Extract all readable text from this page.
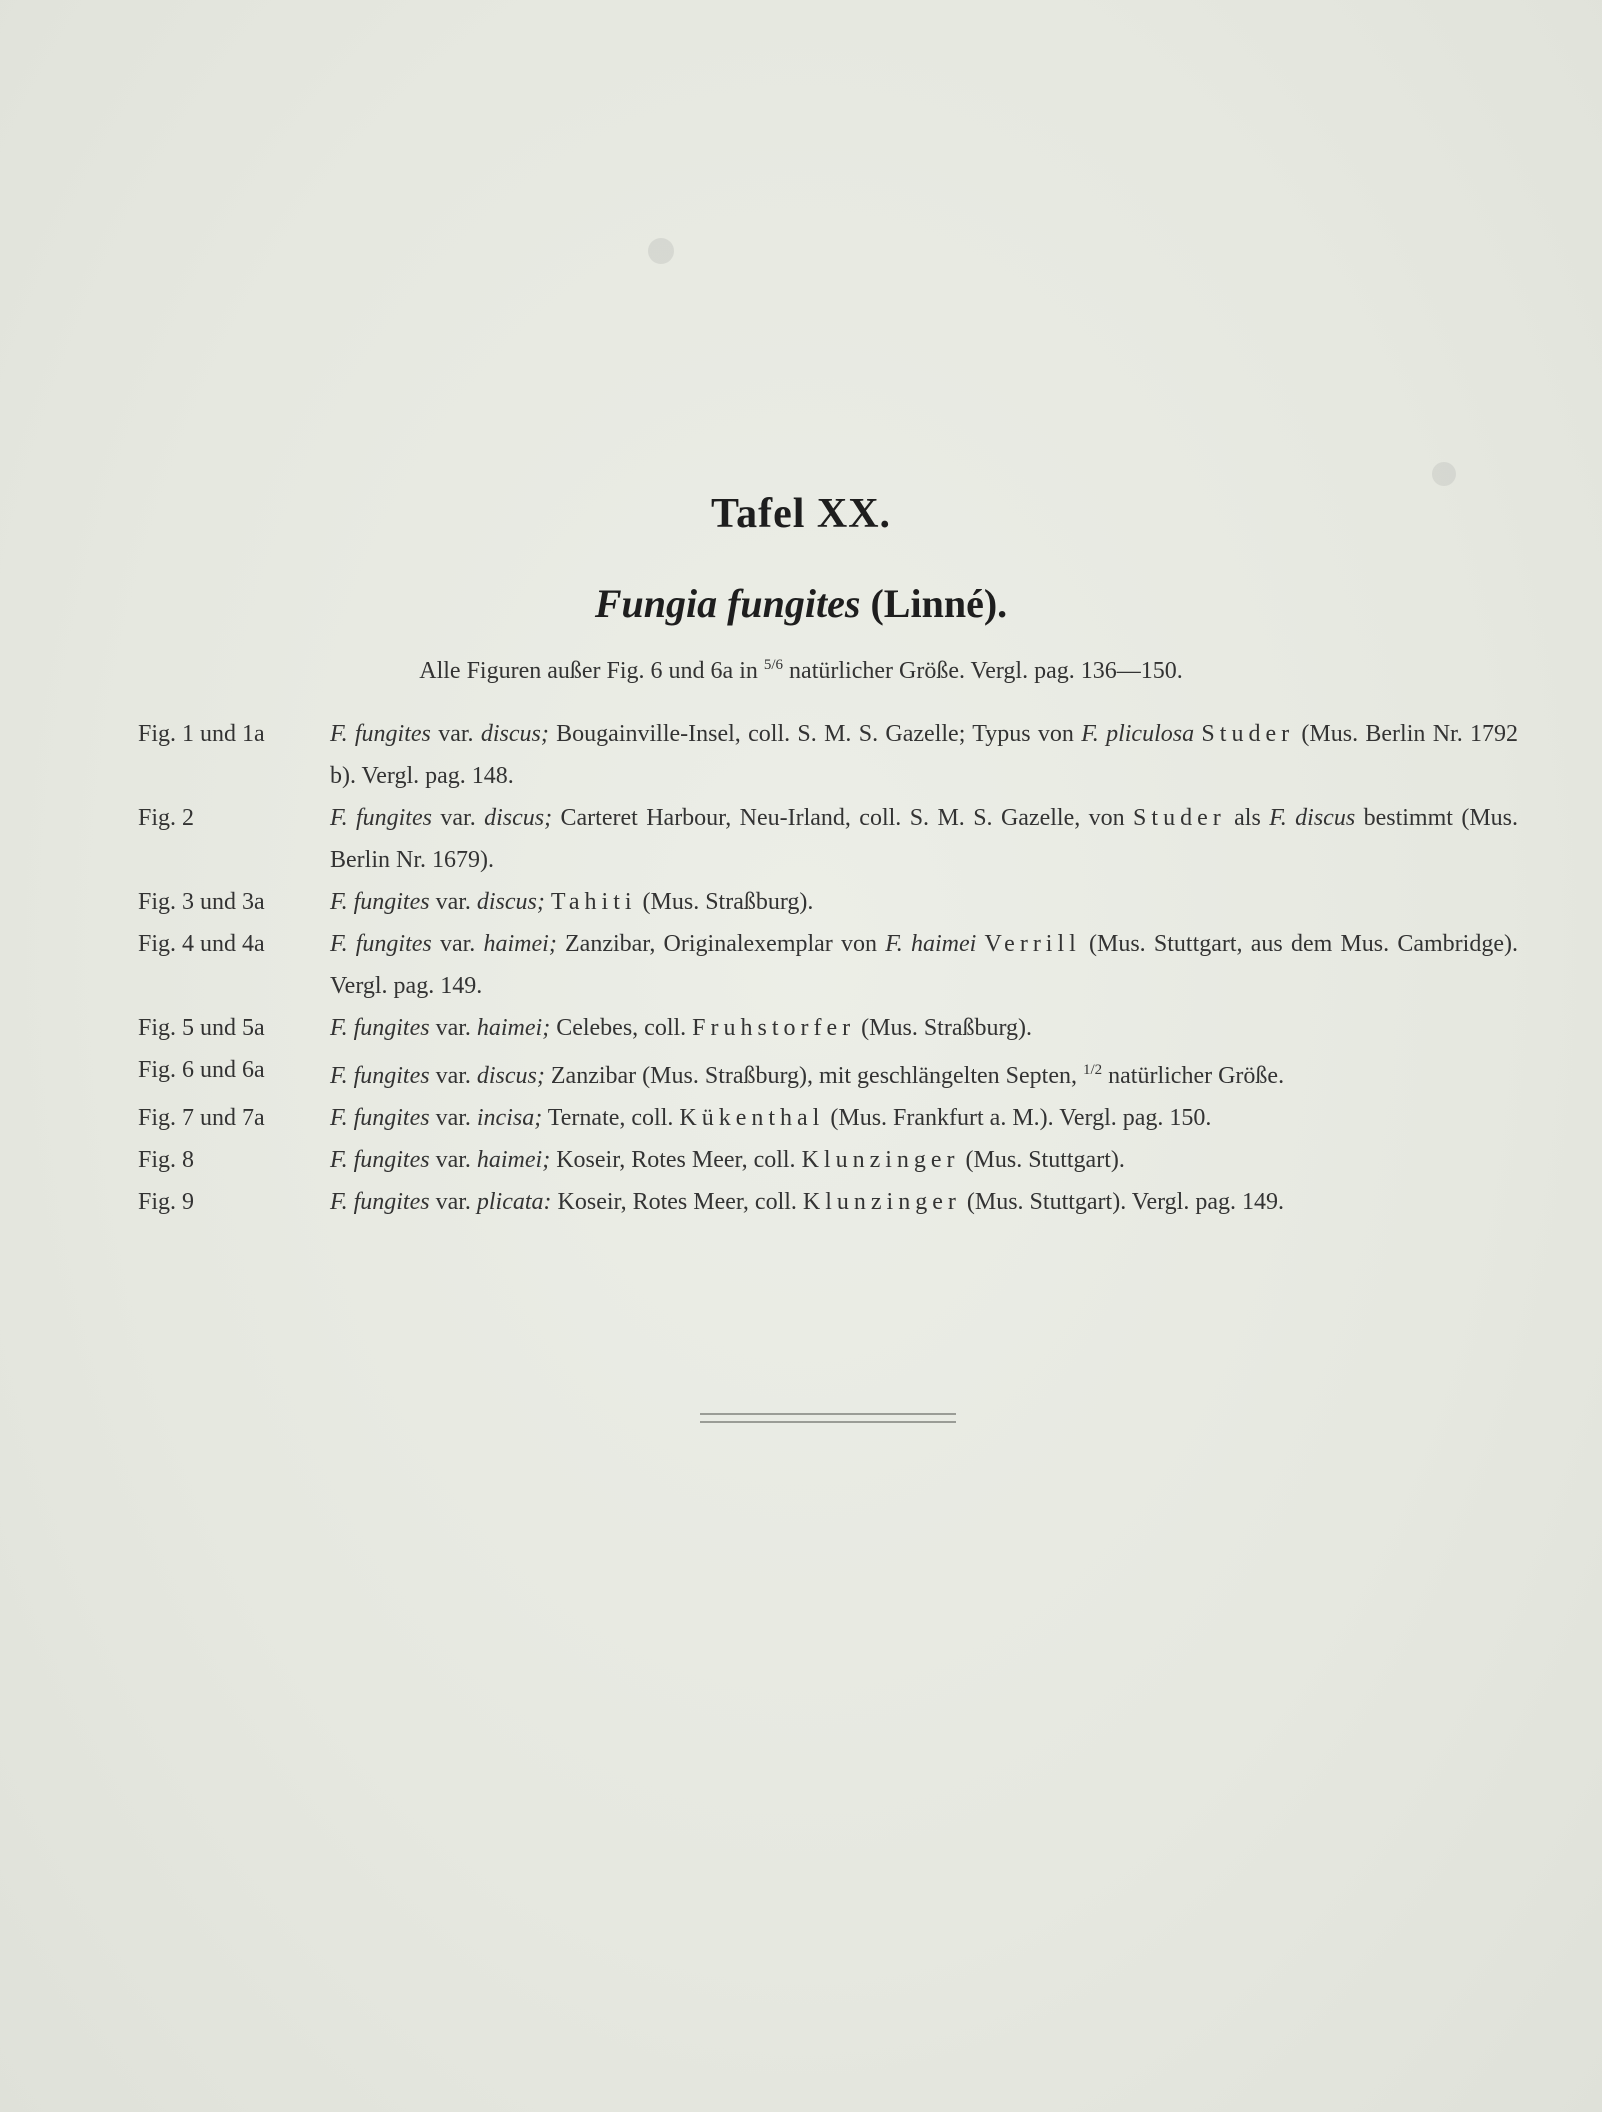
Tafel XX.
Fungia fungites (Linné).
Alle Figuren außer Fig. 6 und 6a in $^{5/6}$ natürlicher Größe. Vergl. pag. 136—150.
Fig. 1 und 1a	F. fungites var. discus; Bougainville-Insel, coll. S. M. S. Gazelle; Typus von F. pliculosa Studer (Mus. Berlin Nr. 1792 b). Vergl. pag. 148.
Fig. 2	F. fungites var. discus; Carteret Harbour, Neu-Irland, coll. S. M. S. Gazelle, von Studer als F. discus bestimmt (Mus. Berlin Nr. 1679).
Fig. 3 und 3a	F. fungites var. discus; Tahiti (Mus. Straßburg).
Fig. 4 und 4a	F. fungites var. haimei; Zanzibar, Originalexemplar von F. haimei Verrill (Mus. Stuttgart, aus dem Mus. Cambridge). Vergl. pag. 149.
Fig. 5 und 5a	F. fungites var. haimei; Celebes, coll. Fruhstorfer (Mus. Straßburg).
Fig. 6 und 6a	F. fungites var. discus; Zanzibar (Mus. Straßburg), mit geschlängelten Septen, $^{1/2}$ natürlicher Größe.
Fig. 7 und 7a	F. fungites var. incisa; Ternate, coll. Kükenthal (Mus. Frankfurt a. M.). Vergl. pag. 150.
Fig. 8	F. fungites var. haimei; Koseir, Rotes Meer, coll. Klunzinger (Mus. Stuttgart).
Fig. 9	F. fungites var. plicata: Koseir, Rotes Meer, coll. Klunzinger (Mus. Stuttgart). Vergl. pag. 149.
